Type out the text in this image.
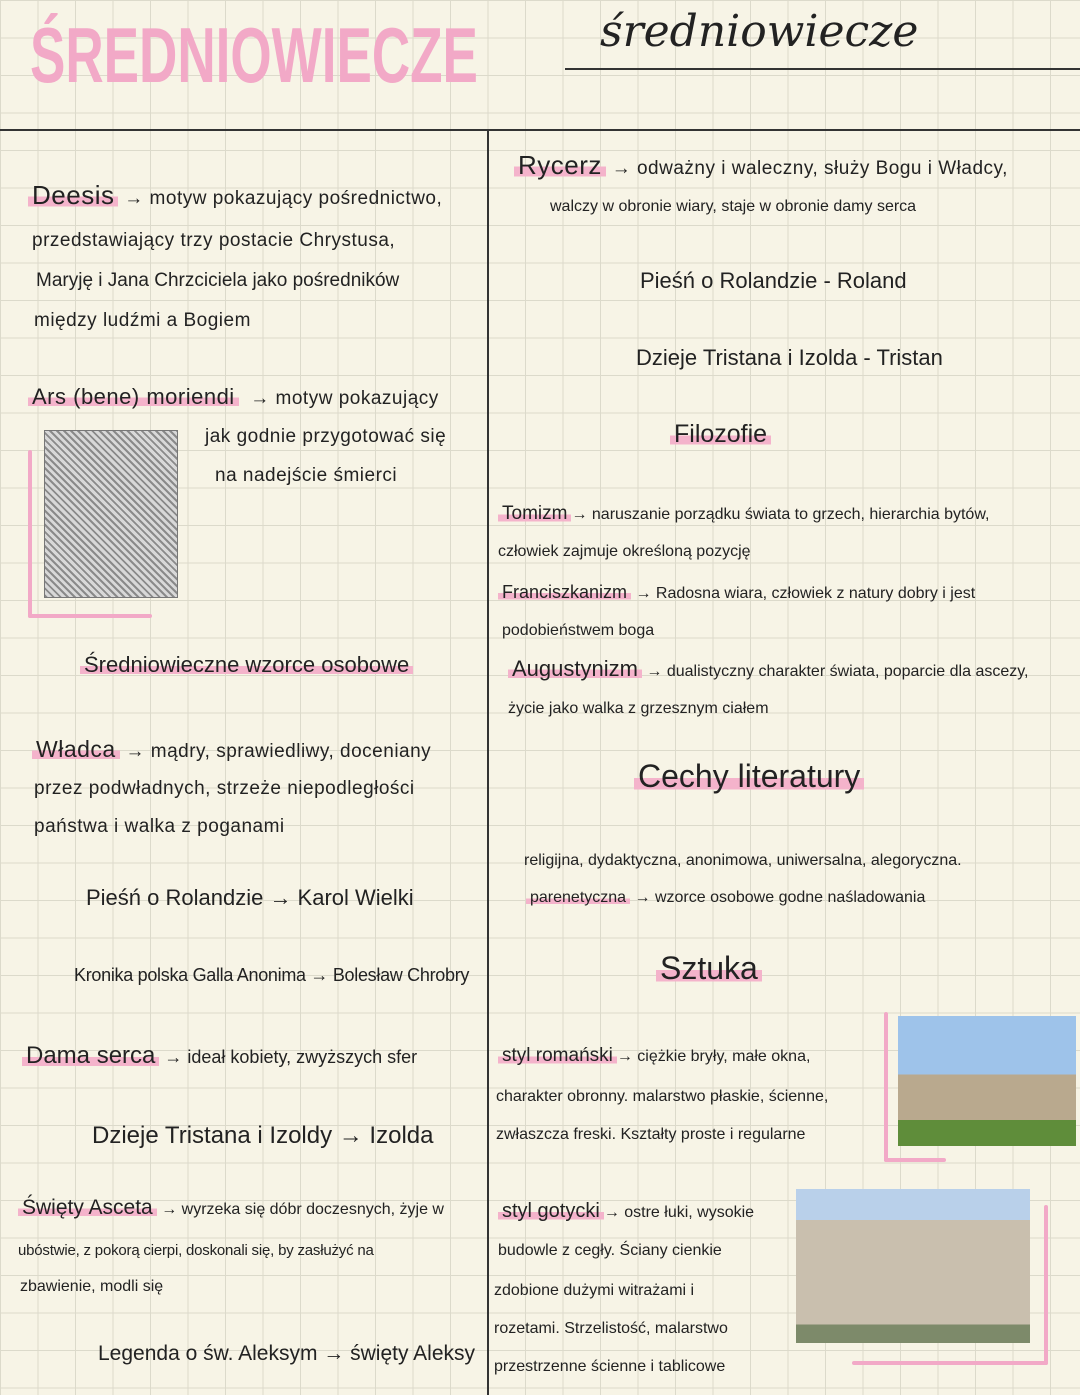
ŚREDNIOWIECZE	średniowiecze
Deesis → motyw pokazujący pośrednictwo,
przedstawiający trzy postacie Chrystusa,
Maryję i Jana Chrzciciela jako pośredników
między ludźmi a Bogiem
Ars (bene) moriendi → motyw pokazujący
jak godnie przygotować się
na nadejście śmierci
Średniowieczne wzorce osobowe
Władca → mądry, sprawiedliwy, doceniany
przez podwładnych, strzeże niepodległości
państwa i walka z poganami
Pieśń o Rolandzie → Karol Wielki
Kronika polska Galla Anonima → Bolesław Chrobry
Dama serca → ideał kobiety, zwyższych sfer
Dzieje Tristana i Izoldy → Izolda
Święty Asceta → wyrzeka się dóbr doczesnych, żyje w
ubóstwie, z pokorą cierpi, doskonali się, by zasłużyć na
zbawienie, modli się
Legenda o św. Aleksym → święty Aleksy
Rycerz → odważny i waleczny, służy Bogu i Władcy,
walczy w obronie wiary, staje w obronie damy serca
Pieśń o Rolandzie - Roland
Dzieje Tristana i Izolda - Tristan
Filozofie
Tomizm → naruszanie porządku świata to grzech, hierarchia bytów,
człowiek zajmuje określoną pozycję
Franciszkanizm → Radosna wiara, człowiek z natury dobry i jest
podobieństwem boga
Augustynizm → dualistyczny charakter świata, poparcie dla ascezy,
życie jako walka z grzesznym ciałem
Cechy literatury
religijna, dydaktyczna, anonimowa, uniwersalna, alegoryczna.
parenetyczna → wzorce osobowe godne naśladowania
Sztuka
styl romański → ciężkie bryły, małe okna,
charakter obronny. malarstwo płaskie, ścienne,
zwłaszcza freski. Kształty proste i regularne
styl gotycki → ostre łuki, wysokie
budowle z cegły. Ściany cienkie
zdobione dużymi witrażami i
rozetami. Strzelistość, malarstwo
przestrzenne ścienne i tablicowe
